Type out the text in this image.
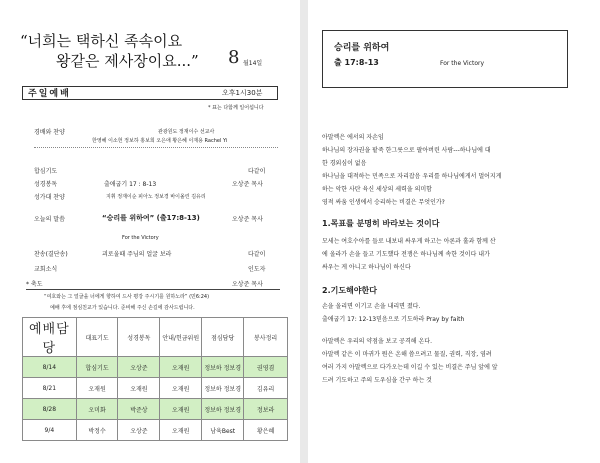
“너희는 택하신 족속이요
왕같은 제사장이요...” 8 월14일
주일예배	오후1시30분
* 표는 다함께 일어섭니다
경배와 찬양	관광원도 정재이수 선교사
한영혜 이소헌 정보하 홍보희 오은애 황은혜 이재용 Rachel Yi
합심기도	다같이
성경봉독	출애굽기 17 : 8-13	오상준 목사
성가대 찬양	지휘 정재이순 피아노 정보경 바이올린 김유리
오늘의 말씀	“승리를 위하여” (출17:8-13)	오상준 목사
For the Victory
찬송(결단송)	괴로울때 주님의 얼굴 보라	다같이
교회소식	인도자
* 축도	오상준 목사
“여호와는 그 얼굴을 너에게 향하여 드사 평강 주시기를 원하노라” (민6:24)
예배 후에 점심친교가 있습니다. 준비해 주신 손길에 감사드립니다.
예배담당	대표기도	성경봉독	안내/헌금위원	점심담당	봉사정리
8/14	합심기도	오상준	오재원	정보하 정보경	권영겸
8/21	오재원	오재원	오재원	정보하 정보경	김유리
8/28	오미화	박준상	오재원	정보하 정보경	정보라
9/4	박정수	오상준	오재원	남육Best	황은혜
승리를 위하여
출 17:8-13	For the Victory
아말렉은 에서의 자손임
하나님의 장자권을 팥죽 한그릇으로 팔아버린 사람---하나님에 대
한 경외심이 없음
하나님을 대적하는 민족으로 자리잡음 우리를 하나님에게서 멀어지게
하는 악한 사탄 육신 세상의 세력을 의미함
영적 싸움 인생에서 승리하는 비결은 무엇인가?
1.목표를 분명히 바라보는 것이다
모세는 여호수아를 들로 내보내 싸우게 하고는 아론과 훌과 함께 산
에 올라가 손을 들고 기도했다 전쟁은 하나님께 속한 것이다 내가
싸우는 게 아니고 하나님이 하신다
2.기도해야한다
손을 올리면 이기고 손을 내리면 졌다.
출애굽기 17: 12-13믿음으로 기도하라 Pray by faith
아말렉은 우리의 약점을 보고 공격해 온다.
아말렉 같은 이 마귀가 뭔은 온해 씀으려고 물질, 권력, 직장, 염려
여러 가지 아말렉으로 다가오는데 이길 수 있는 비결은 주님 앞에 앞
드려 기도하고 주의 도우심을 간구 하는 것
